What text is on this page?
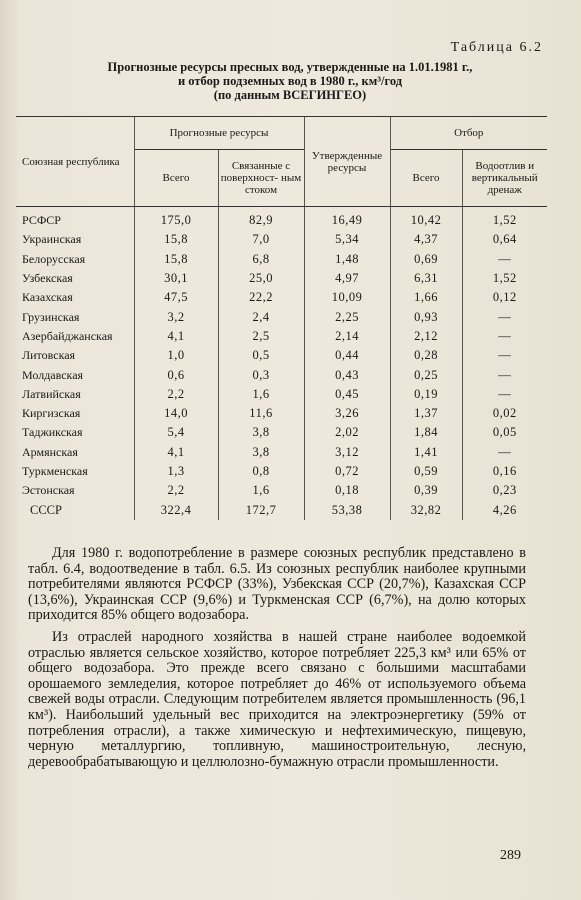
Таблица 6.2
Прогнозные ресурсы пресных вод, утвержденные на 1.01.1981 г.,
и отбор подземных вод в 1980 г., км³/год
(по данным ВСЕГИНГЕО)
Союзная республика	Прогнозные ресурсы		Утвержденные ресурсы	Отбор	
	Всего	Связанные с поверхност- ным стоком		Всего	Водоотлив и вертикальный дренаж
РСФСР	175,0	82,9	16,49	10,42	1,52
Украинская	15,8	7,0	5,34	4,37	0,64
Белорусская	15,8	6,8	1,48	0,69	—
Узбекская	30,1	25,0	4,97	6,31	1,52
Казахская	47,5	22,2	10,09	1,66	0,12
Грузинская	3,2	2,4	2,25	0,93	—
Азербайджанская	4,1	2,5	2,14	2,12	—
Литовская	1,0	0,5	0,44	0,28	—
Молдавская	0,6	0,3	0,43	0,25	—
Латвийская	2,2	1,6	0,45	0,19	—
Киргизская	14,0	11,6	3,26	1,37	0,02
Таджикская	5,4	3,8	2,02	1,84	0,05
Армянская	4,1	3,8	3,12	1,41	—
Туркменская	1,3	0,8	0,72	0,59	0,16
Эстонская	2,2	1,6	0,18	0,39	0,23
СССР	322,4	172,7	53,38	32,82	4,26

Для 1980 г. водопотребление в размере союзных республик представлено в табл. 6.4, водоотведение в табл. 6.5. Из союзных республик наиболее крупными потребителями являются РСФСР (33%), Узбекская ССР (20,7%), Казахская ССР (13,6%), Украинская ССР (9,6%) и Туркменская ССР (6,7%), на долю которых приходится 85% общего водозабора.

Из отраслей народного хозяйства в нашей стране наиболее водоемкой отраслью является сельское хозяйство, которое потребляет 225,3 км³ или 65% от общего водозабора. Это прежде всего связано с большими масштабами орошаемого земледелия, которое потребляет до 46% от используемого объема свежей воды отрасли. Следующим потребителем является промышленность (96,1 км³). Наибольший удельный вес приходится на электроэнергетику (59% от потребления отрасли), а также химическую и нефтехимическую, пищевую, черную металлургию, топливную, машиностроительную, лесную, деревообрабатывающую и целлюлозно-бумажную отрасли промышленности.

289
